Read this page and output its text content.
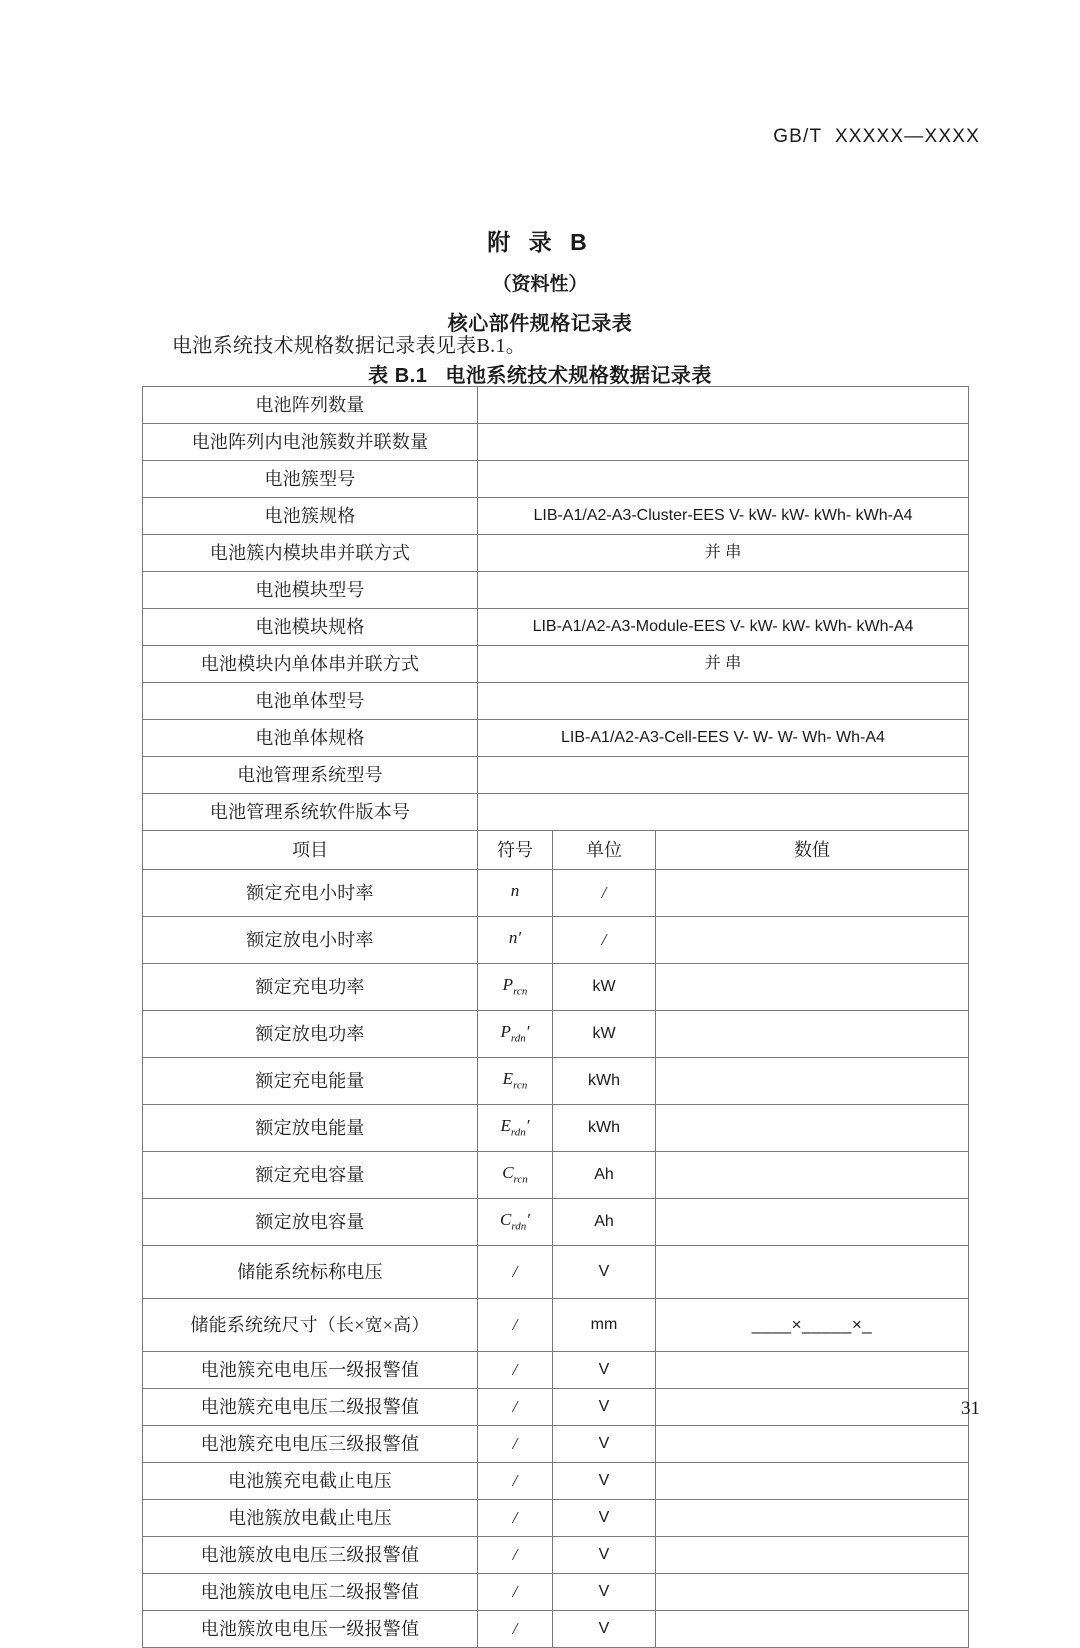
GB/T  XXXXX—XXXX
附 录 B
（资料性）
核心部件规格记录表
电池系统技术规格数据记录表见表B.1。
表 B.1 电池系统技术规格数据记录表
电池阵列数量			
电池阵列内电池簇数并联数量			
电池簇型号			
电池簇规格	LIB-A1/A2-A3-Cluster-EES V- kW- kW- kWh- kWh-A4		
电池簇内模块串并联方式	并 串		
电池模块型号			
电池模块规格	LIB-A1/A2-A3-Module-EES V- kW- kW- kWh- kWh-A4		
电池模块内单体串并联方式	并 串		
电池单体型号			
电池单体规格	LIB-A1/A2-A3-Cell-EES V- W- W- Wh- Wh-A4		
电池管理系统型号			
电池管理系统软件版本号			
项目	符号	单位	数值
额定充电小时率	n	/	
额定放电小时率	n′	/	
额定充电功率	$P_{rcn}$	kW	
额定放电功率	$P_{rdn}'$	kW	
额定充电能量	$E_{rcn}$	kWh	
额定放电能量	$E_{rdn}'$	kWh	
额定充电容量	$C_{rcn}$	Ah	
额定放电容量	$C_{rdn}'$	Ah	
储能系统标称电压	/	V	
储能系统统尺寸（长×宽×高）	/	mm	____×_____×_
电池簇充电电压一级报警值	/	V	
电池簇充电电压二级报警值	/	V	
电池簇充电电压三级报警值	/	V	
电池簇充电截止电压	/	V	
电池簇放电截止电压	/	V	
电池簇放电电压三级报警值	/	V	
电池簇放电电压二级报警值	/	V	
电池簇放电电压一级报警值	/	V	
31
